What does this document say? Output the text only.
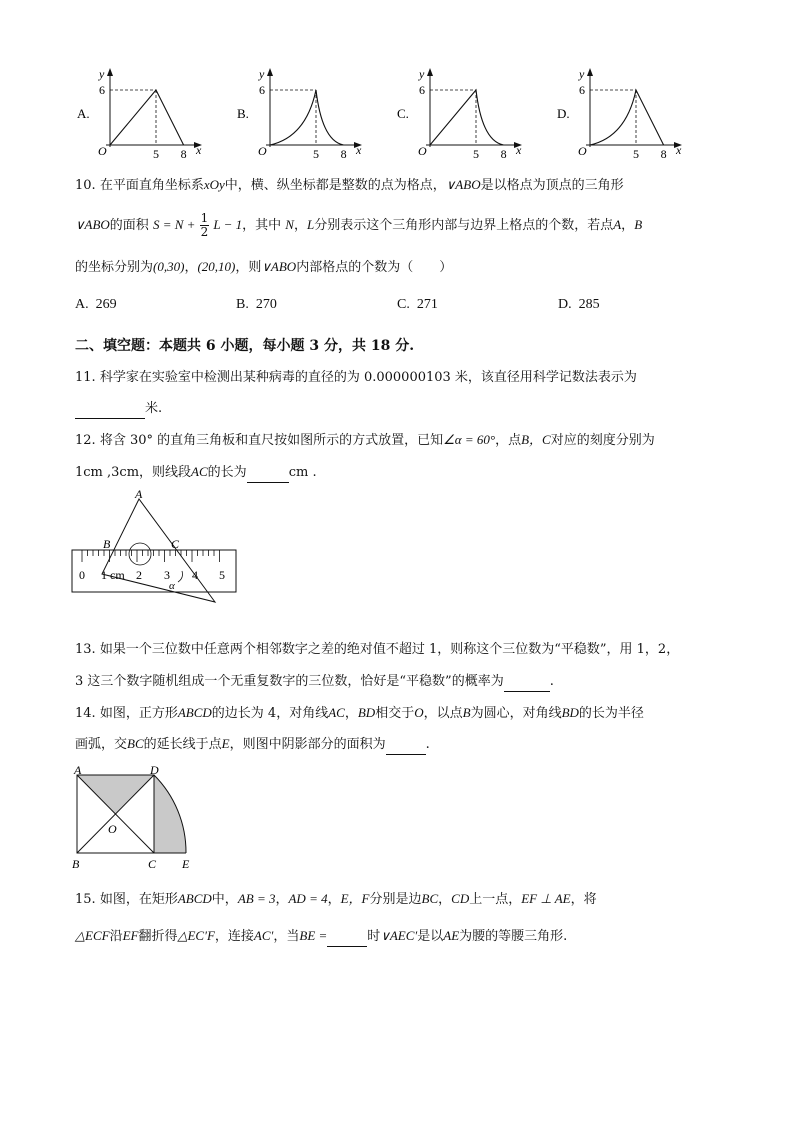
A.
y
x
O
6
5 8
B.
y
x
O
6
5 8
C.
y
x
O
6
5 8
D.
y
x
O
6
5 8
10. 在平面直角坐标系xOy中，横、纵坐标都是整数的点为格点，∨ABO是以格点为顶点的三角形
∨ABO的面积 $S = N + \frac{1}{2}$ L − 1，其中 N，L分别表示这个三角形内部与边界上格点的个数，若点A，B
的坐标分别为(0,30)，(20,10)，则∨ABO内部格点的个数为（　　）
A. 269	B. 270	C. 271	D. 285
二、填空题：本题共 6 小题，每小题 3 分，共 18 分.
11. 科学家在实验室中检测出某种病毒的直径的为 0.000000103 米，该直径用科学记数法表示为
米.
12. 将含 30° 的直角三角板和直尺按如图所示的方式放置，已知∠α = 60°，点B，C对应的刻度分别为
1cm ,3cm，则线段AC的长为	cm .
0 1 cm 2 3 4 5
A
B	C
α
13. 如果一个三位数中任意两个相邻数字之差的绝对值不超过 1，则称这个三位数为“平稳数”，用 1，2，
3 这三个数字随机组成一个无重复数字的三位数，恰好是“平稳数”的概率为	.
14. 如图，正方形ABCD的边长为 4，对角线AC，BD相交于O，以点B为圆心，对角线BD的长为半径
画弧，交BC的延长线于点E，则图中阴影部分的面积为	.
A	D
O
B	C E
15. 如图，在矩形ABCD中，AB = 3，AD = 4，E，F分别是边BC，CD上一点，EF ⊥ AE，将
△ECF沿EF翻折得△EC′F，连接AC′，当BE =	时∨AEC′是以AE为腰的等腰三角形.
